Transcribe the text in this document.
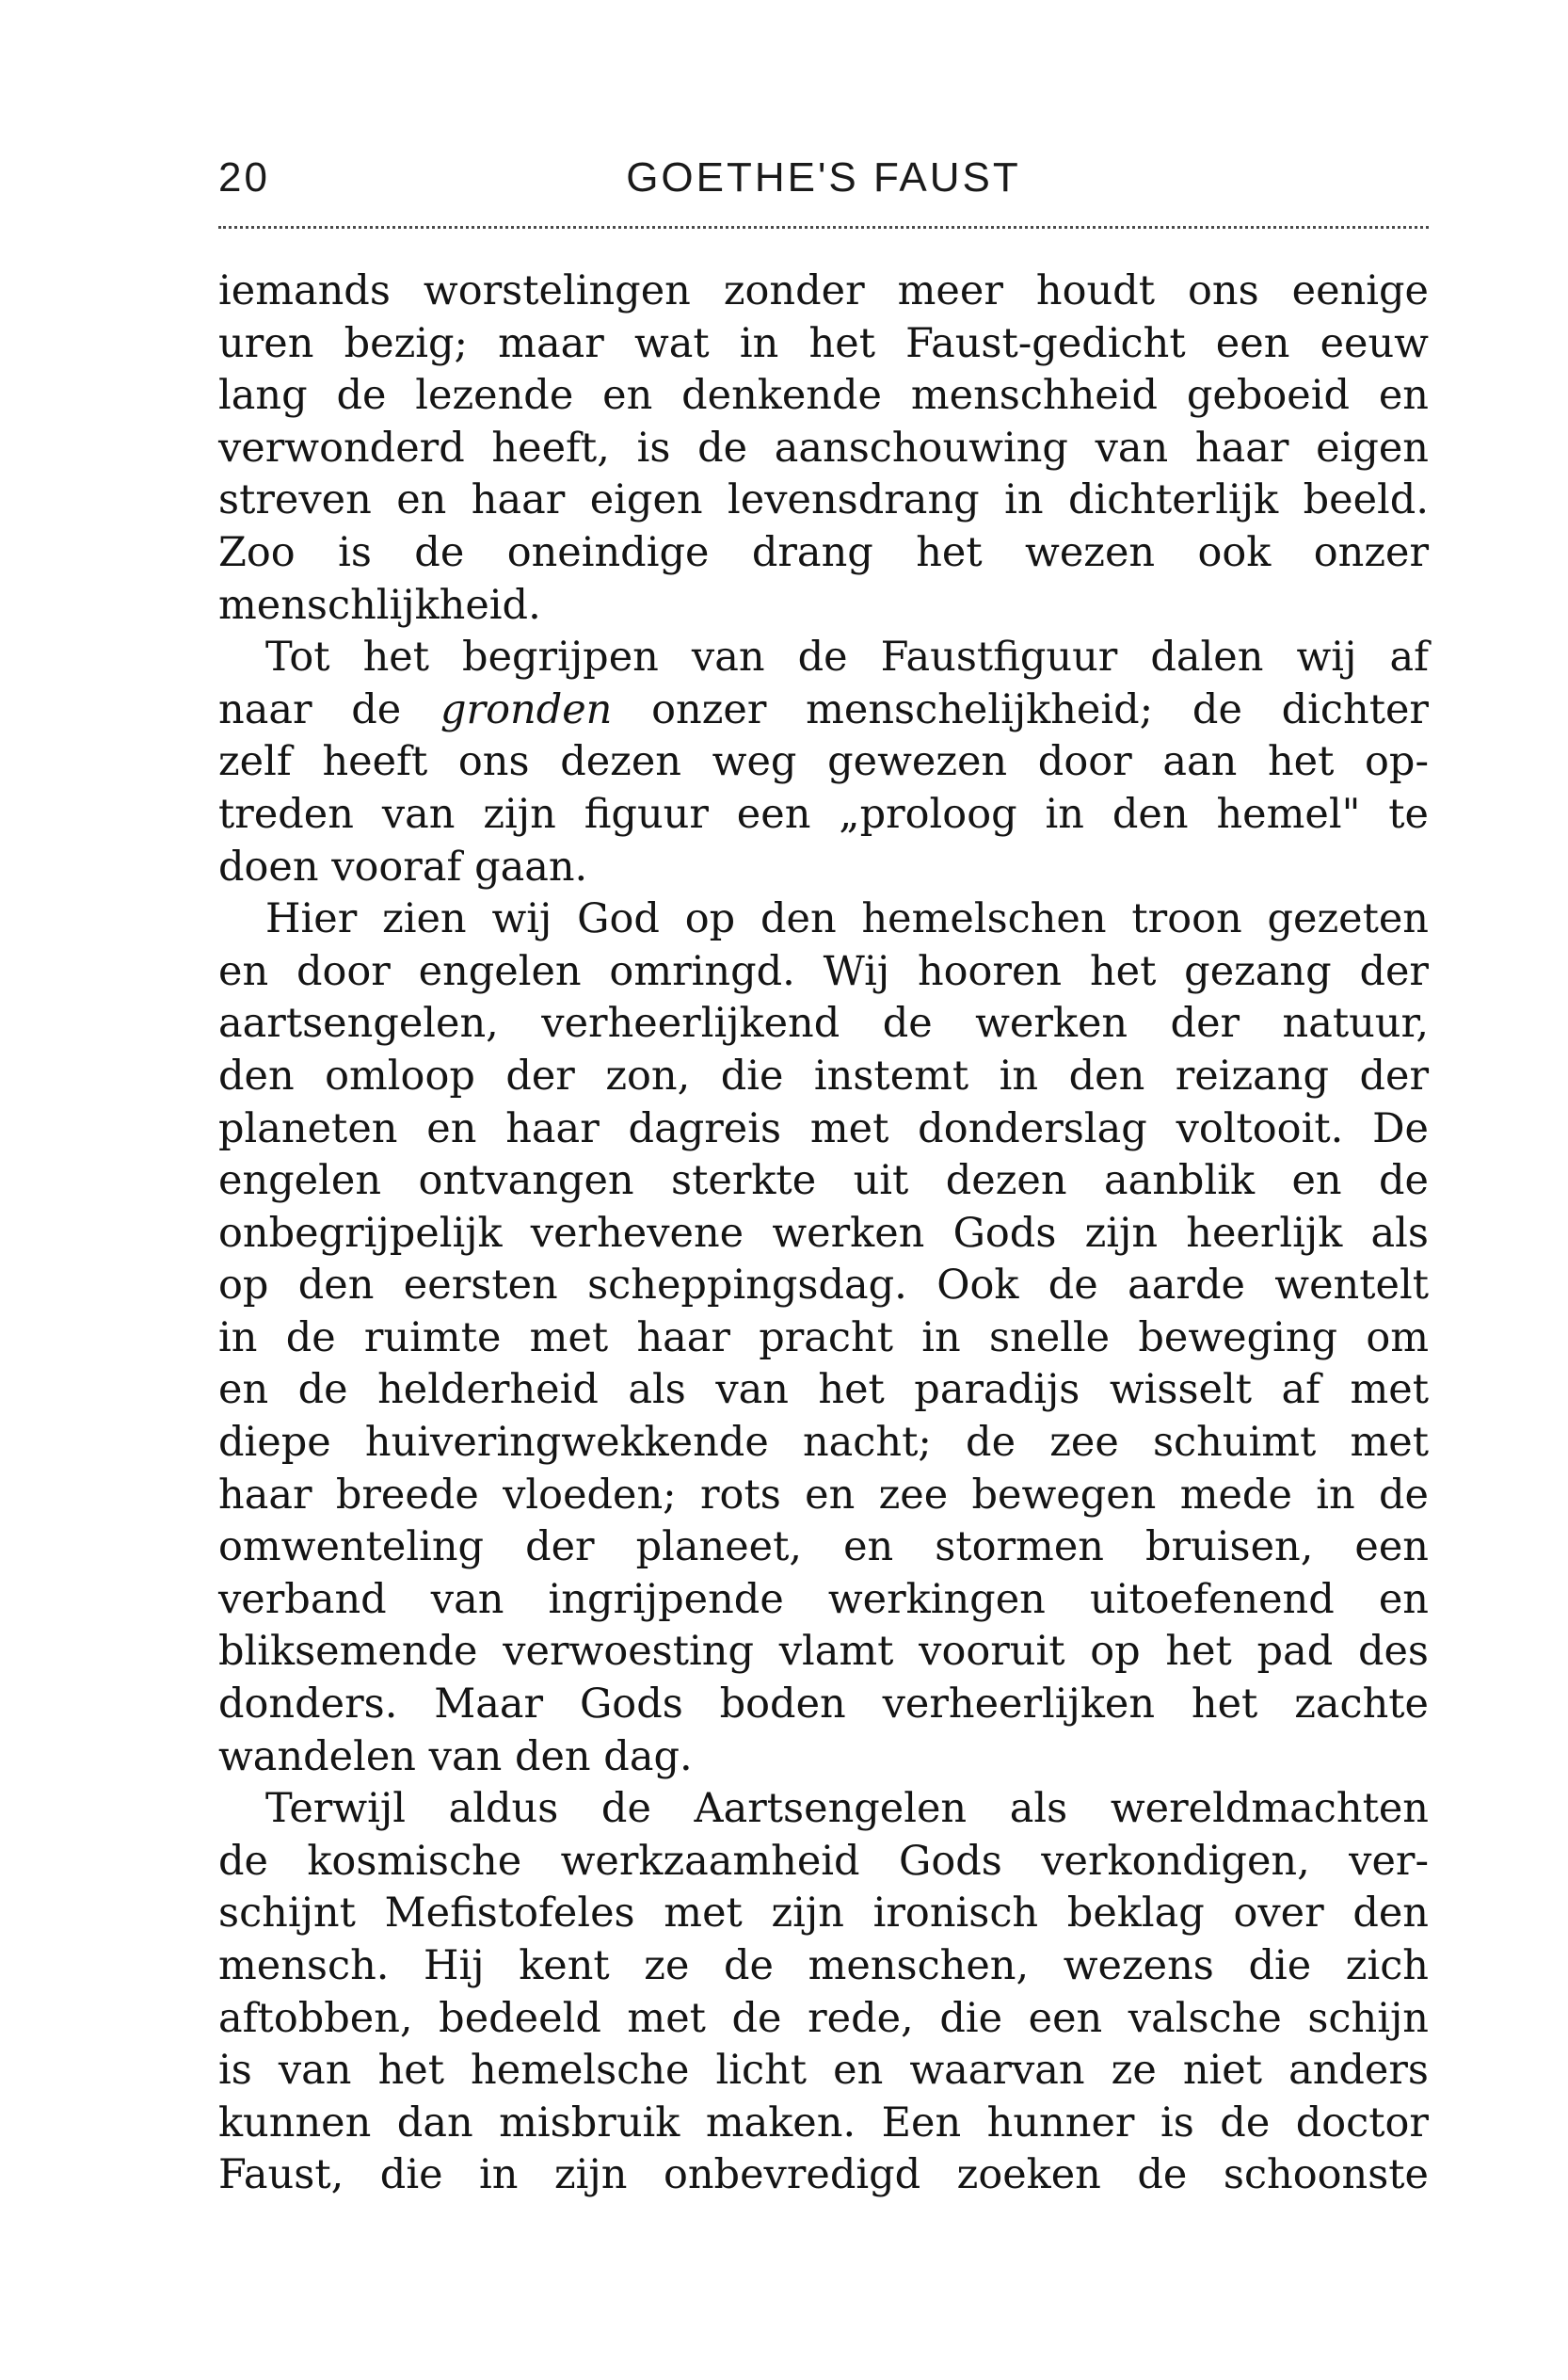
20	GOETHE'S FAUST
iemands worstelingen zonder meer houdt ons eenige
uren bezig; maar wat in het Faust-gedicht een eeuw
lang de lezende en denkende menschheid geboeid en
verwonderd heeft, is de aanschouwing van haar eigen
streven en haar eigen levensdrang in dichterlijk beeld.
Zoo is de oneindige drang het wezen ook onzer
menschlijkheid.
Tot het begrijpen van de Faustfiguur dalen wij af
naar de gronden onzer menschelijkheid; de dichter
zelf heeft ons dezen weg gewezen door aan het op-
treden van zijn figuur een „proloog in den hemel" te
doen vooraf gaan.
Hier zien wij God op den hemelschen troon gezeten
en door engelen omringd. Wij hooren het gezang der
aartsengelen, verheerlijkend de werken der natuur,
den omloop der zon, die instemt in den reizang der
planeten en haar dagreis met donderslag voltooit. De
engelen ontvangen sterkte uit dezen aanblik en de
onbegrijpelijk verhevene werken Gods zijn heerlijk als
op den eersten scheppingsdag. Ook de aarde wentelt
in de ruimte met haar pracht in snelle beweging om
en de helderheid als van het paradijs wisselt af met
diepe huiveringwekkende nacht; de zee schuimt met
haar breede vloeden; rots en zee bewegen mede in de
omwenteling der planeet, en stormen bruisen, een
verband van ingrijpende werkingen uitoefenend en
bliksemende verwoesting vlamt vooruit op het pad des
donders. Maar Gods boden verheerlijken het zachte
wandelen van den dag.
Terwijl aldus de Aartsengelen als wereldmachten
de kosmische werkzaamheid Gods verkondigen, ver-
schijnt Mefistofeles met zijn ironisch beklag over den
mensch. Hij kent ze de menschen, wezens die zich
aftobben, bedeeld met de rede, die een valsche schijn
is van het hemelsche licht en waarvan ze niet anders
kunnen dan misbruik maken. Een hunner is de doctor
Faust, die in zijn onbevredigd zoeken de schoonste
